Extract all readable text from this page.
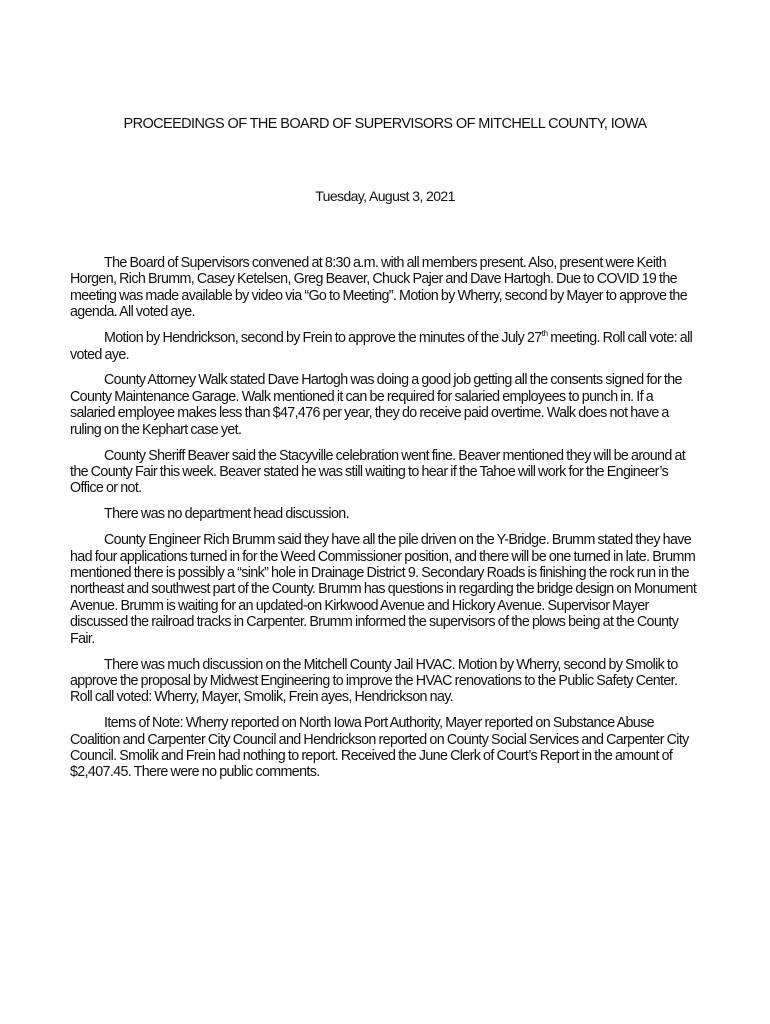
PROCEEDINGS OF THE BOARD OF SUPERVISORS OF MITCHELL COUNTY, IOWA
Tuesday, August 3, 2021

The Board of Supervisors convened at 8:30 a.m. with all members present. Also, present were Keith Horgen, Rich Brumm, Casey Ketelsen, Greg Beaver, Chuck Pajer and Dave Hartogh. Due to COVID 19 the meeting was made available by video via “Go to Meeting”. Motion by Wherry, second by Mayer to approve the agenda. All voted aye.

Motion by Hendrickson, second by Frein to approve the minutes of the July 27th meeting. Roll call vote: all voted aye.

County Attorney Walk stated Dave Hartogh was doing a good job getting all the consents signed for the County Maintenance Garage. Walk mentioned it can be required for salaried employees to punch in. If a salaried employee makes less than $47,476 per year, they do receive paid overtime. Walk does not have a ruling on the Kephart case yet.

County Sheriff Beaver said the Stacyville celebration went fine. Beaver mentioned they will be around at the County Fair this week. Beaver stated he was still waiting to hear if the Tahoe will work for the Engineer’s Office or not.

There was no department head discussion.

County Engineer Rich Brumm said they have all the pile driven on the Y-Bridge. Brumm stated they have had four applications turned in for the Weed Commissioner position, and there will be one turned in late. Brumm mentioned there is possibly a “sink” hole in Drainage District 9. Secondary Roads is finishing the rock run in the northeast and southwest part of the County. Brumm has questions in regarding the bridge design on Monument Avenue. Brumm is waiting for an updated-on Kirkwood Avenue and Hickory Avenue. Supervisor Mayer discussed the railroad tracks in Carpenter. Brumm informed the supervisors of the plows being at the County Fair.

There was much discussion on the Mitchell County Jail HVAC. Motion by Wherry, second by Smolik to approve the proposal by Midwest Engineering to improve the HVAC renovations to the Public Safety Center. Roll call voted: Wherry, Mayer, Smolik, Frein ayes, Hendrickson nay.

Items of Note: Wherry reported on North Iowa Port Authority, Mayer reported on Substance Abuse Coalition and Carpenter City Council and Hendrickson reported on County Social Services and Carpenter City Council. Smolik and Frein had nothing to report. Received the June Clerk of Court’s Report in the amount of $2,407.45. There were no public comments.
